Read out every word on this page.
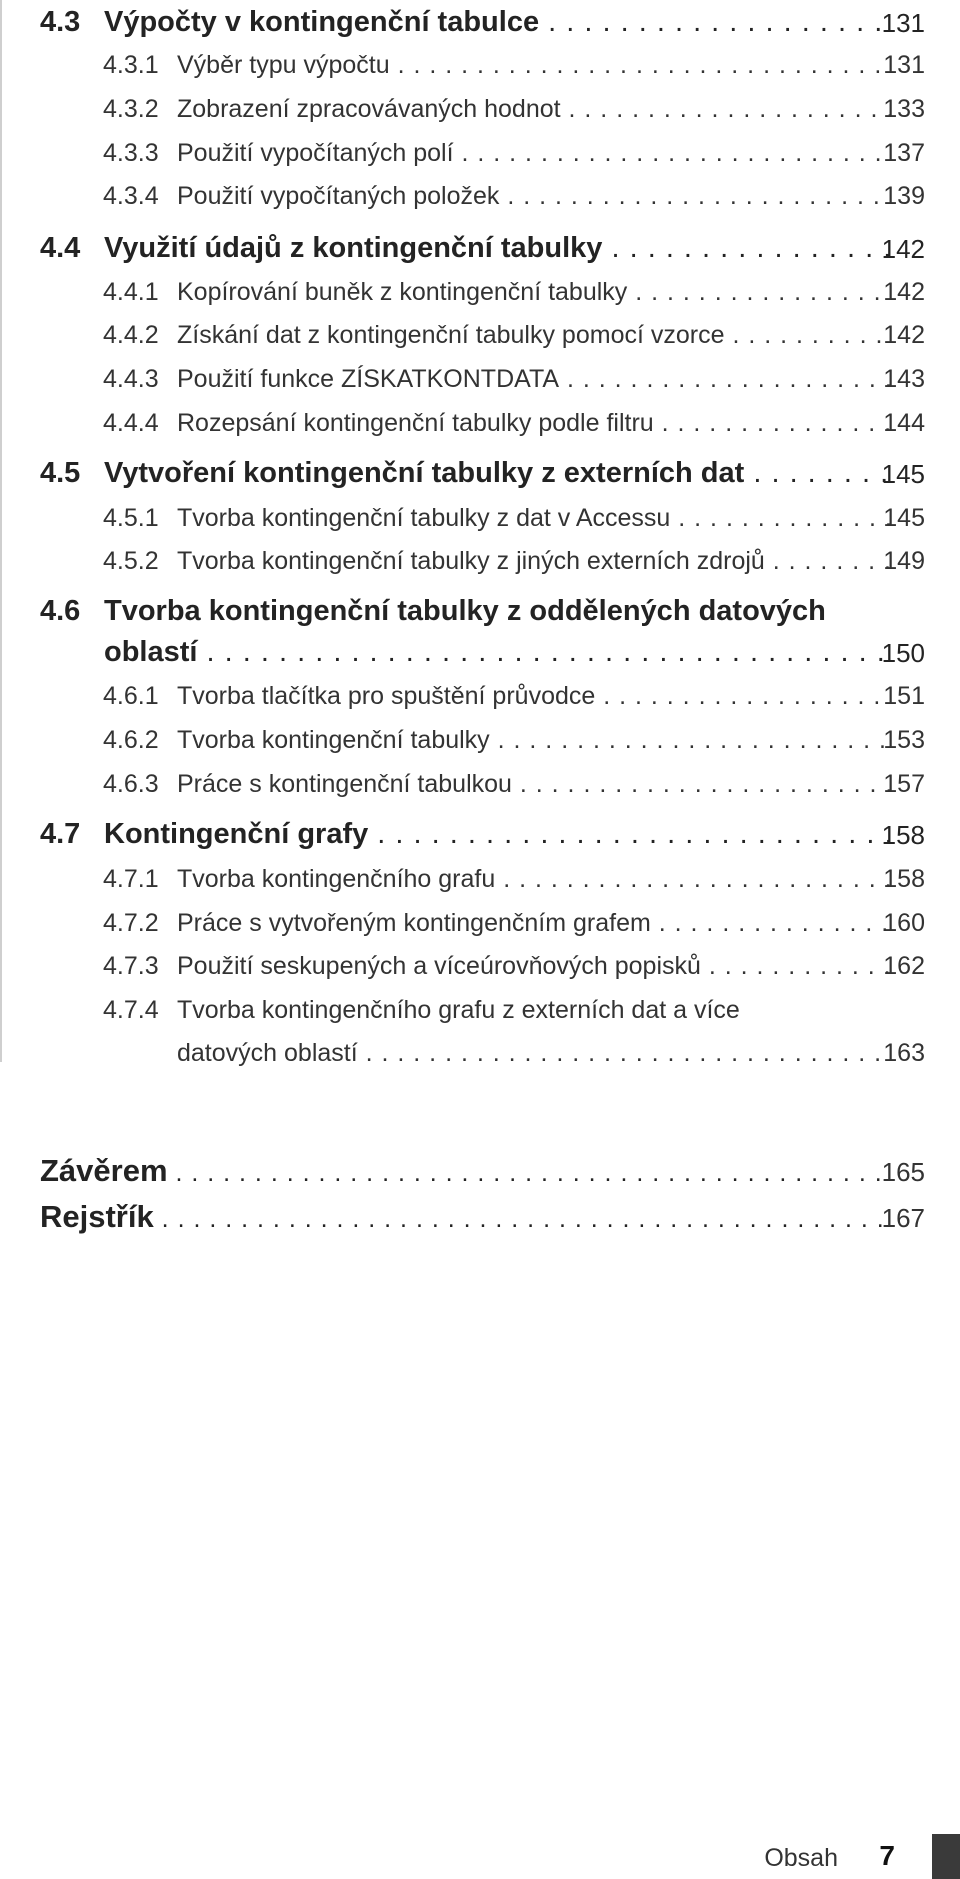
4.3 Výpočty v kontingenční tabulce . . .	131
4.3.1 Výběr typu výpočtu . . .	131
4.3.2 Zobrazení zpracovávaných hodnot . . .	133
4.3.3 Použití vypočítaných polí . . .	137
4.3.4 Použití vypočítaných položek . . .	139
4.4 Využití údajů z kontingenční tabulky . . .	142
4.4.1 Kopírování buněk z kontingenční tabulky . . .	142
4.4.2 Získání dat z kontingenční tabulky pomocí vzorce . . .	142
4.4.3 Použití funkce ZÍSKATKONTDATA . . .	143
4.4.4 Rozepsání kontingenční tabulky podle filtru . . .	144
4.5 Vytvoření kontingenční tabulky z externích dat . . .	145
4.5.1 Tvorba kontingenční tabulky z dat v Accessu . . .	145
4.5.2 Tvorba kontingenční tabulky z jiných externích zdrojů . . .	149
4.6 Tvorba kontingenční tabulky z oddělených datových
oblastí . . .	150
4.6.1 Tvorba tlačítka pro spuštění průvodce . . .	151
4.6.2 Tvorba kontingenční tabulky . . .	153
4.6.3 Práce s kontingenční tabulkou . . .	157
4.7 Kontingenční grafy . . .	158
4.7.1 Tvorba kontingenčního grafu . . .	158
4.7.2 Práce s vytvořeným kontingenčním grafem . . .	160
4.7.3 Použití seskupených a víceúrovňových popisků . . .	162
4.7.4 Tvorba kontingenčního grafu z externích dat a více
datových oblastí . . .	163
Závěrem . . .	165
Rejstřík . . .	167
Obsah 7
